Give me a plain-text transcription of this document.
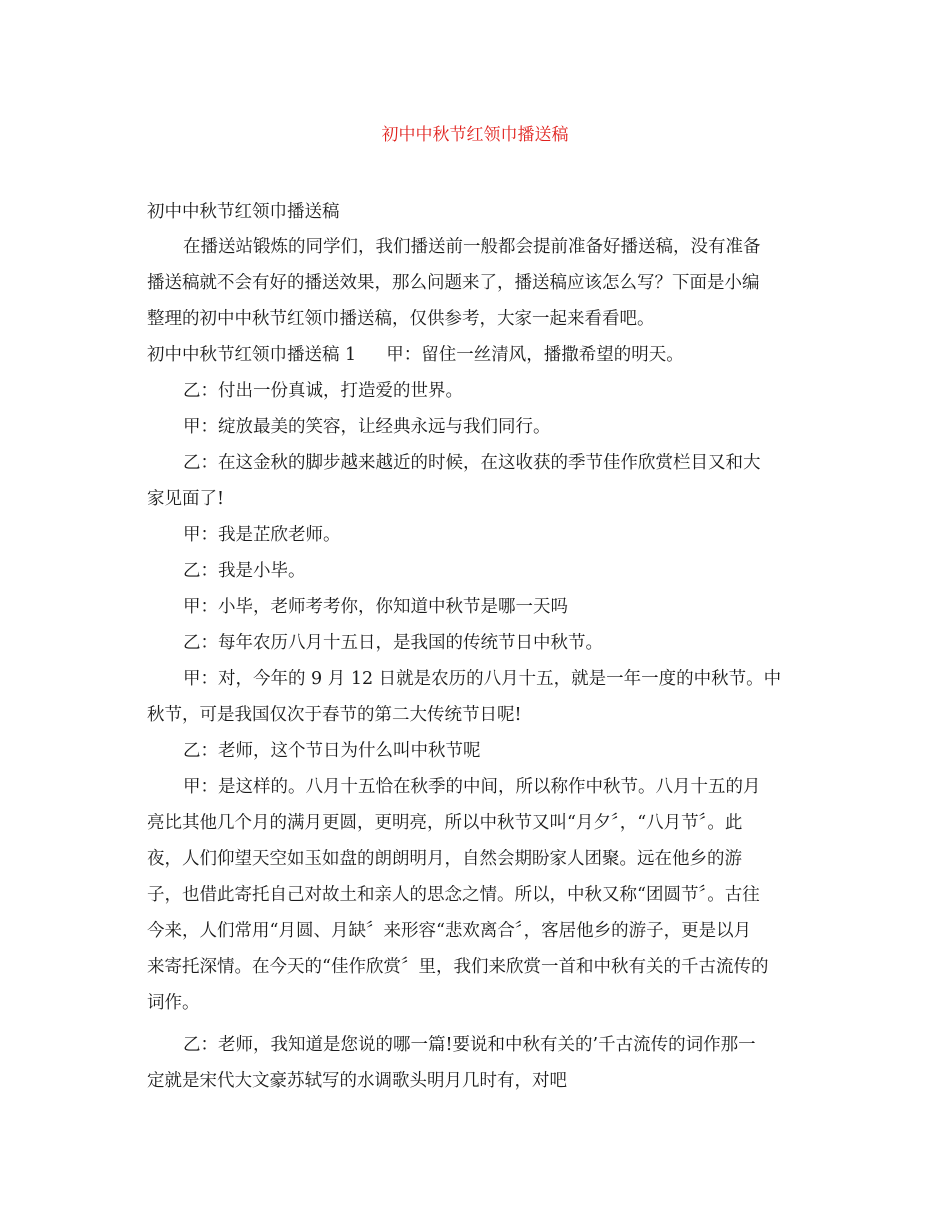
初中中秋节红领巾播送稿

初中中秋节红领巾播送稿

在播送站锻炼的同学们，我们播送前一般都会提前准备好播送稿，没有准备

播送稿就不会有好的播送效果，那么问题来了，播送稿应该怎么写？下面是小编

整理的初中中秋节红领巾播送稿，仅供参考，大家一起来看看吧。

初中中秋节红领巾播送稿 1 甲：留住一丝清风，播撒希望的明天。

乙：付出一份真诚，打造爱的世界。

甲：绽放最美的笑容，让经典永远与我们同行。

乙：在这金秋的脚步越来越近的时候，在这收获的季节佳作欣赏栏目又和大

家见面了!

甲：我是芷欣老师。

乙：我是小毕。

甲：小毕，老师考考你，你知道中秋节是哪一天吗

乙：每年农历八月十五日，是我国的传统节日中秋节。

甲：对，今年的 9 月 12 日就是农历的八月十五，就是一年一度的中秋节。中

秋节，可是我国仅次于春节的第二大传统节日呢!

乙：老师，这个节日为什么叫中秋节呢

甲：是这样的。八月十五恰在秋季的中间，所以称作中秋节。八月十五的月

亮比其他几个月的满月更圆，更明亮，所以中秋节又叫“月夕〞，“八月节〞。此

夜，人们仰望天空如玉如盘的朗朗明月，自然会期盼家人团聚。远在他乡的游

子，也借此寄托自己对故土和亲人的思念之情。所以，中秋又称“团圆节〞。古往

今来，人们常用“月圆、月缺〞来形容“悲欢离合〞，客居他乡的游子，更是以月

来寄托深情。在今天的“佳作欣赏〞里，我们来欣赏一首和中秋有关的千古流传的

词作。

乙：老师，我知道是您说的哪一篇!要说和中秋有关的’千古流传的词作那一

定就是宋代大文豪苏轼写的水调歌头明月几时有，对吧
